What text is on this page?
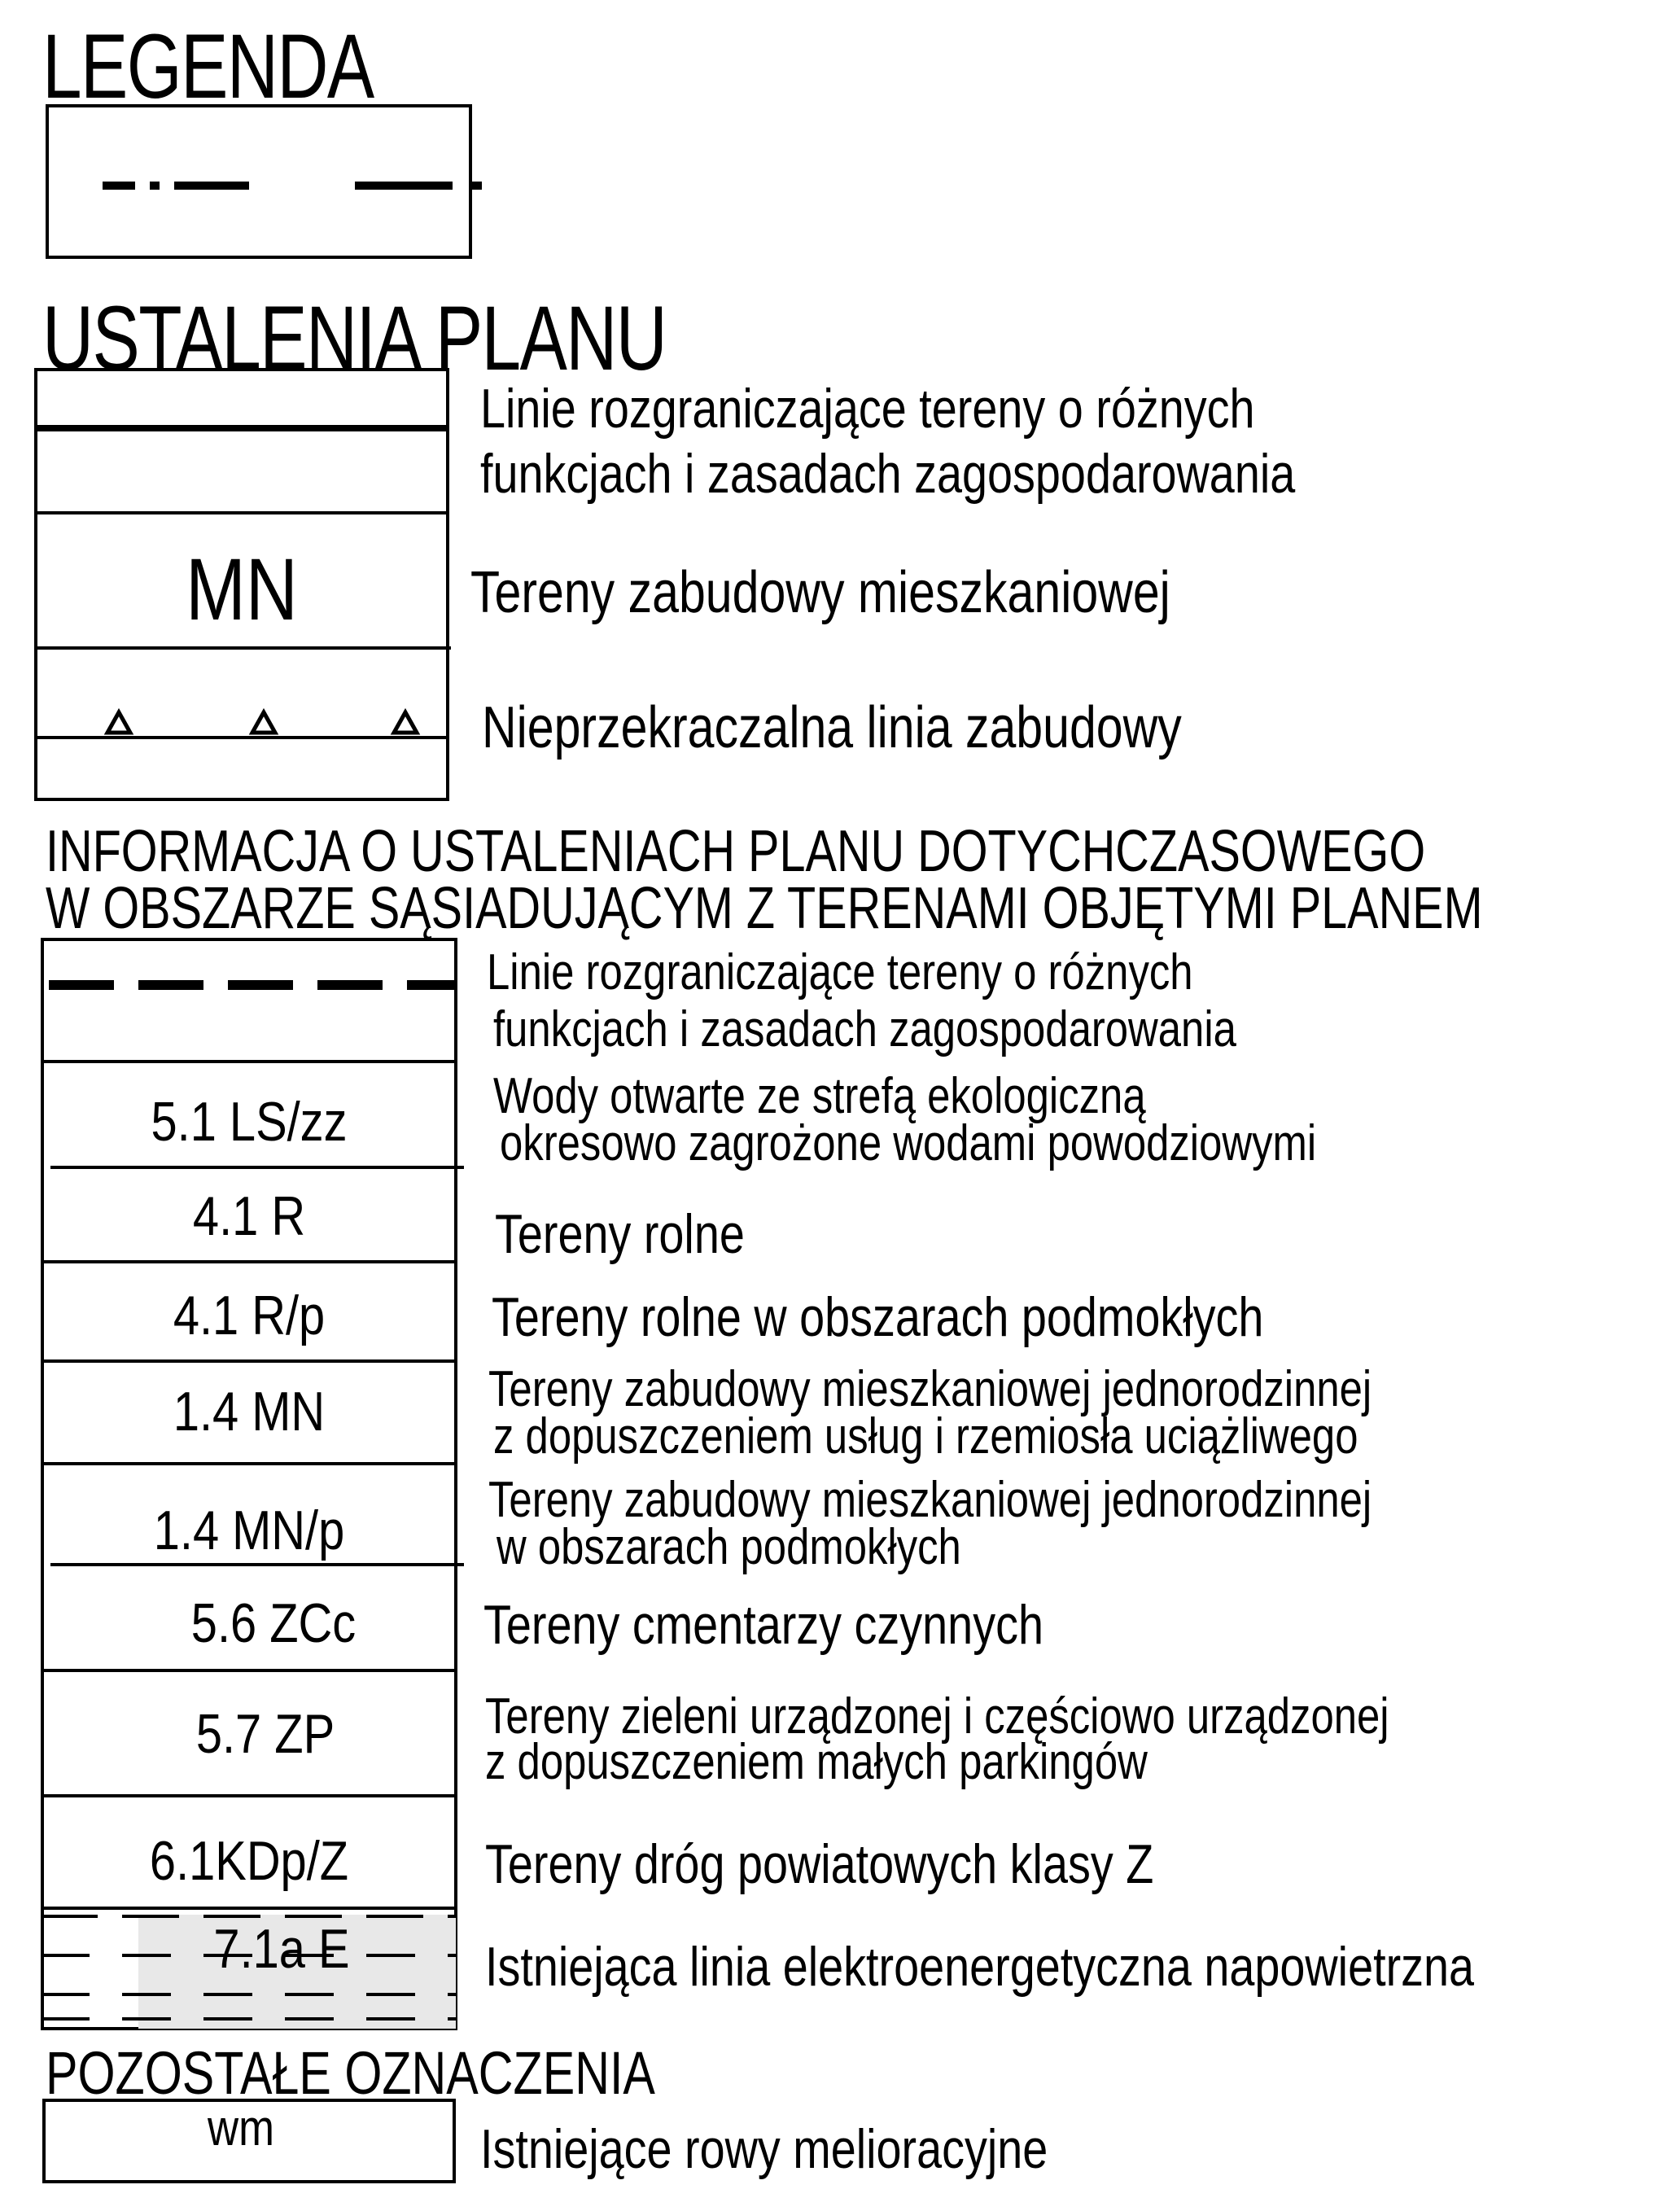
LEGENDA
USTALENIA PLANU
Linie rozgraniczające tereny o różnych
funkcjach i zasadach zagospodarowania
MN	Tereny zabudowy mieszkaniowej
Nieprzekraczalna linia zabudowy
INFORMACJA O USTALENIACH PLANU DOTYCHCZASOWEGO
W OBSZARZE SĄSIADUJĄCYM Z TERENAMI OBJĘTYMI PLANEM
5.1 LS/zz
4.1 R
4.1 R/p
1.4 MN
1.4 MN/p
5.6 ZCc
5.7 ZP
6.1KDp/Z
7.1a E
Linie rozgraniczające tereny o różnych
funkcjach i zasadach zagospodarowania
Wody otwarte ze strefą ekologiczną
okresowo zagrożone wodami powodziowymi
Tereny rolne
Tereny rolne w obszarach podmokłych
Tereny zabudowy mieszkaniowej jednorodzinnej
z dopuszczeniem usług i rzemiosła uciążliwego
Tereny zabudowy mieszkaniowej jednorodzinnej
w obszarach podmokłych
Tereny cmentarzy czynnych
Tereny zieleni urządzonej i częściowo urządzonej
z dopuszczeniem małych parkingów
Tereny dróg powiatowych klasy Z
Istniejąca linia elektroenergetyczna napowietrzna
POZOSTAŁE OZNACZENIA
wm	Istniejące rowy melioracyjne
